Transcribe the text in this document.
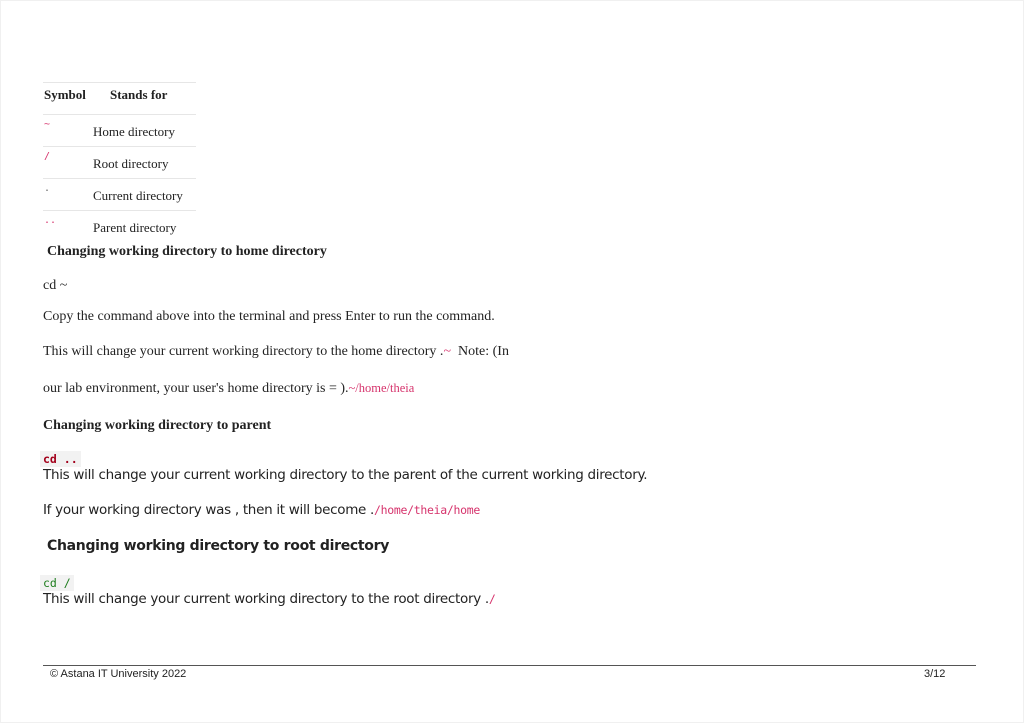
Symbol Stands for
~	Home directory
/	Root directory
.	Current directory
..	Parent directory
Changing working directory to home directory
cd ~
Copy the command above into the terminal and press Enter to run the command.
This will change your current working directory to the home directory .~ Note: (In
our lab environment, your user's home directory is = ).~/home/theia
Changing working directory to parent
cd ..
This will change your current working directory to the parent of the current working directory.
If your working directory was , then it will become ./home/theia/home
Changing working directory to root directory
cd /
This will change your current working directory to the root directory ./
© Astana IT University 2022	3/12
